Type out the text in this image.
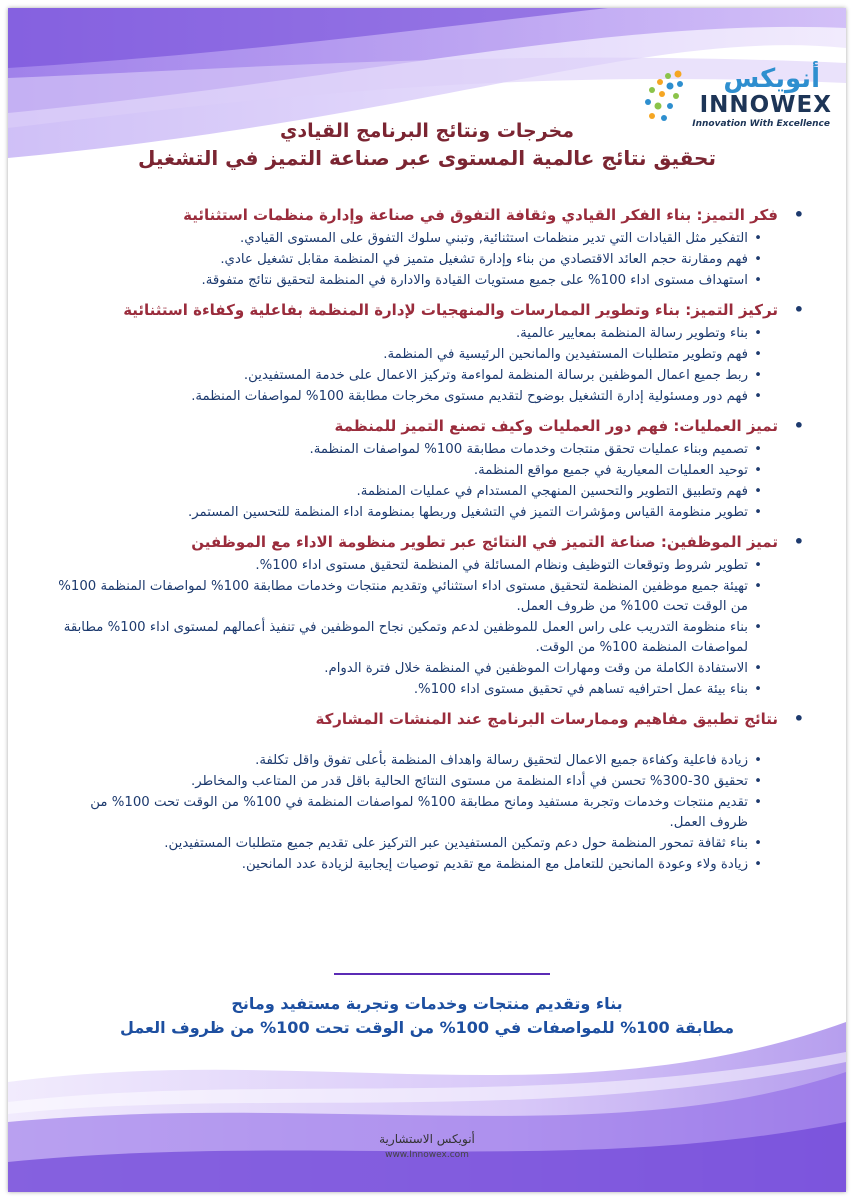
أنويكس
INNOWEX
Innovation With Excellence
مخرجات ونتائج البرنامج القيادي
تحقيق نتائج عالمية المستوى عبر صناعة التميز في التشغيل
• فكر التميز: بناء الفكر القيادي وثقافة التفوق في صناعة وإدارة منظمات استثنائية
• التفكير مثل القيادات التي تدير منظمات استثنائية, وتبني سلوك التفوق على المستوى القيادي.
• فهم ومقارنة حجم العائد الاقتصادي من بناء وإدارة تشغيل متميز في المنظمة مقابل تشغيل عادي.
• استهداف مستوى اداء 100% على جميع مستويات القيادة والادارة في المنظمة لتحقيق نتائج متفوقة.
• تركيز التميز: بناء وتطوير الممارسات والمنهجيات لإدارة المنظمة بفاعلية وكفاءة استثنائية
• بناء وتطوير رسالة المنظمة بمعايير عالمية.
• فهم وتطوير متطلبات المستفيدين والمانحين الرئيسية في المنظمة.
• ربط جميع اعمال الموظفين برسالة المنظمة لمواءمة وتركيز الاعمال على خدمة المستفيدين.
• فهم دور ومسئولية إدارة التشغيل بوضوح لتقديم مستوى مخرجات مطابقة 100% لمواصفات المنظمة.
• تميز العمليات: فهم دور العمليات وكيف تصنع التميز للمنظمة
• تصميم وبناء عمليات تحقق منتجات وخدمات مطابقة 100% لمواصفات المنظمة.
• توحيد العمليات المعيارية في جميع مواقع المنظمة.
• فهم وتطبيق التطوير والتحسين المنهجي المستدام في عمليات المنظمة.
• تطوير منظومة القياس ومؤشرات التميز في التشغيل وربطها بمنظومة اداء المنظمة للتحسين المستمر.
• تميز الموظفين: صناعة التميز في النتائج عبر تطوير منظومة الاداء مع الموظفين
• تطوير شروط وتوقعات التوظيف ونظام المسائلة في المنظمة لتحقيق مستوى اداء 100%.
• تهيئة جميع موظفين المنظمة لتحقيق مستوى اداء استثنائي وتقديم منتجات وخدمات مطابقة 100% لمواصفات المنظمة 100% من الوقت تحت 100% من ظروف العمل.
• بناء منظومة التدريب على راس العمل للموظفين لدعم وتمكين نجاح الموظفين في تنفيذ أعمالهم لمستوى اداء 100% مطابقة لمواصفات المنظمة 100% من الوقت.
• الاستفادة الكاملة من وقت ومهارات الموظفين في المنظمة خلال فترة الدوام.
• بناء بيئة عمل احترافيه تساهم في تحقيق مستوى اداء 100%.
• نتائج تطبيق مفاهيم وممارسات البرنامج عند المنشات المشاركة
• زيادة فاعلية وكفاءة جميع الاعمال لتحقيق رسالة واهداف المنظمة بأعلى تفوق واقل تكلفة.
• تحقيق 30-300% تحسن في أداء المنظمة من مستوى النتائج الحالية باقل قدر من المتاعب والمخاطر.
• تقديم منتجات وخدمات وتجربة مستفيد ومانح مطابقة 100% لمواصفات المنظمة في 100% من الوقت تحت 100% من ظروف العمل.
• بناء ثقافة تمحور المنظمة حول دعم وتمكين المستفيدين عبر التركيز على تقديم جميع متطلبات المستفيدين.
• زيادة ولاء وعودة المانحين للتعامل مع المنظمة مع تقديم توصيات إيجابية لزيادة عدد المانحين.
بناء وتقديم منتجات وخدمات وتجربة مستفيد ومانح
مطابقة 100% للمواصفات في 100% من الوقت تحت 100% من ظروف العمل
أنويكس الاستشارية
www.Innowex.com
